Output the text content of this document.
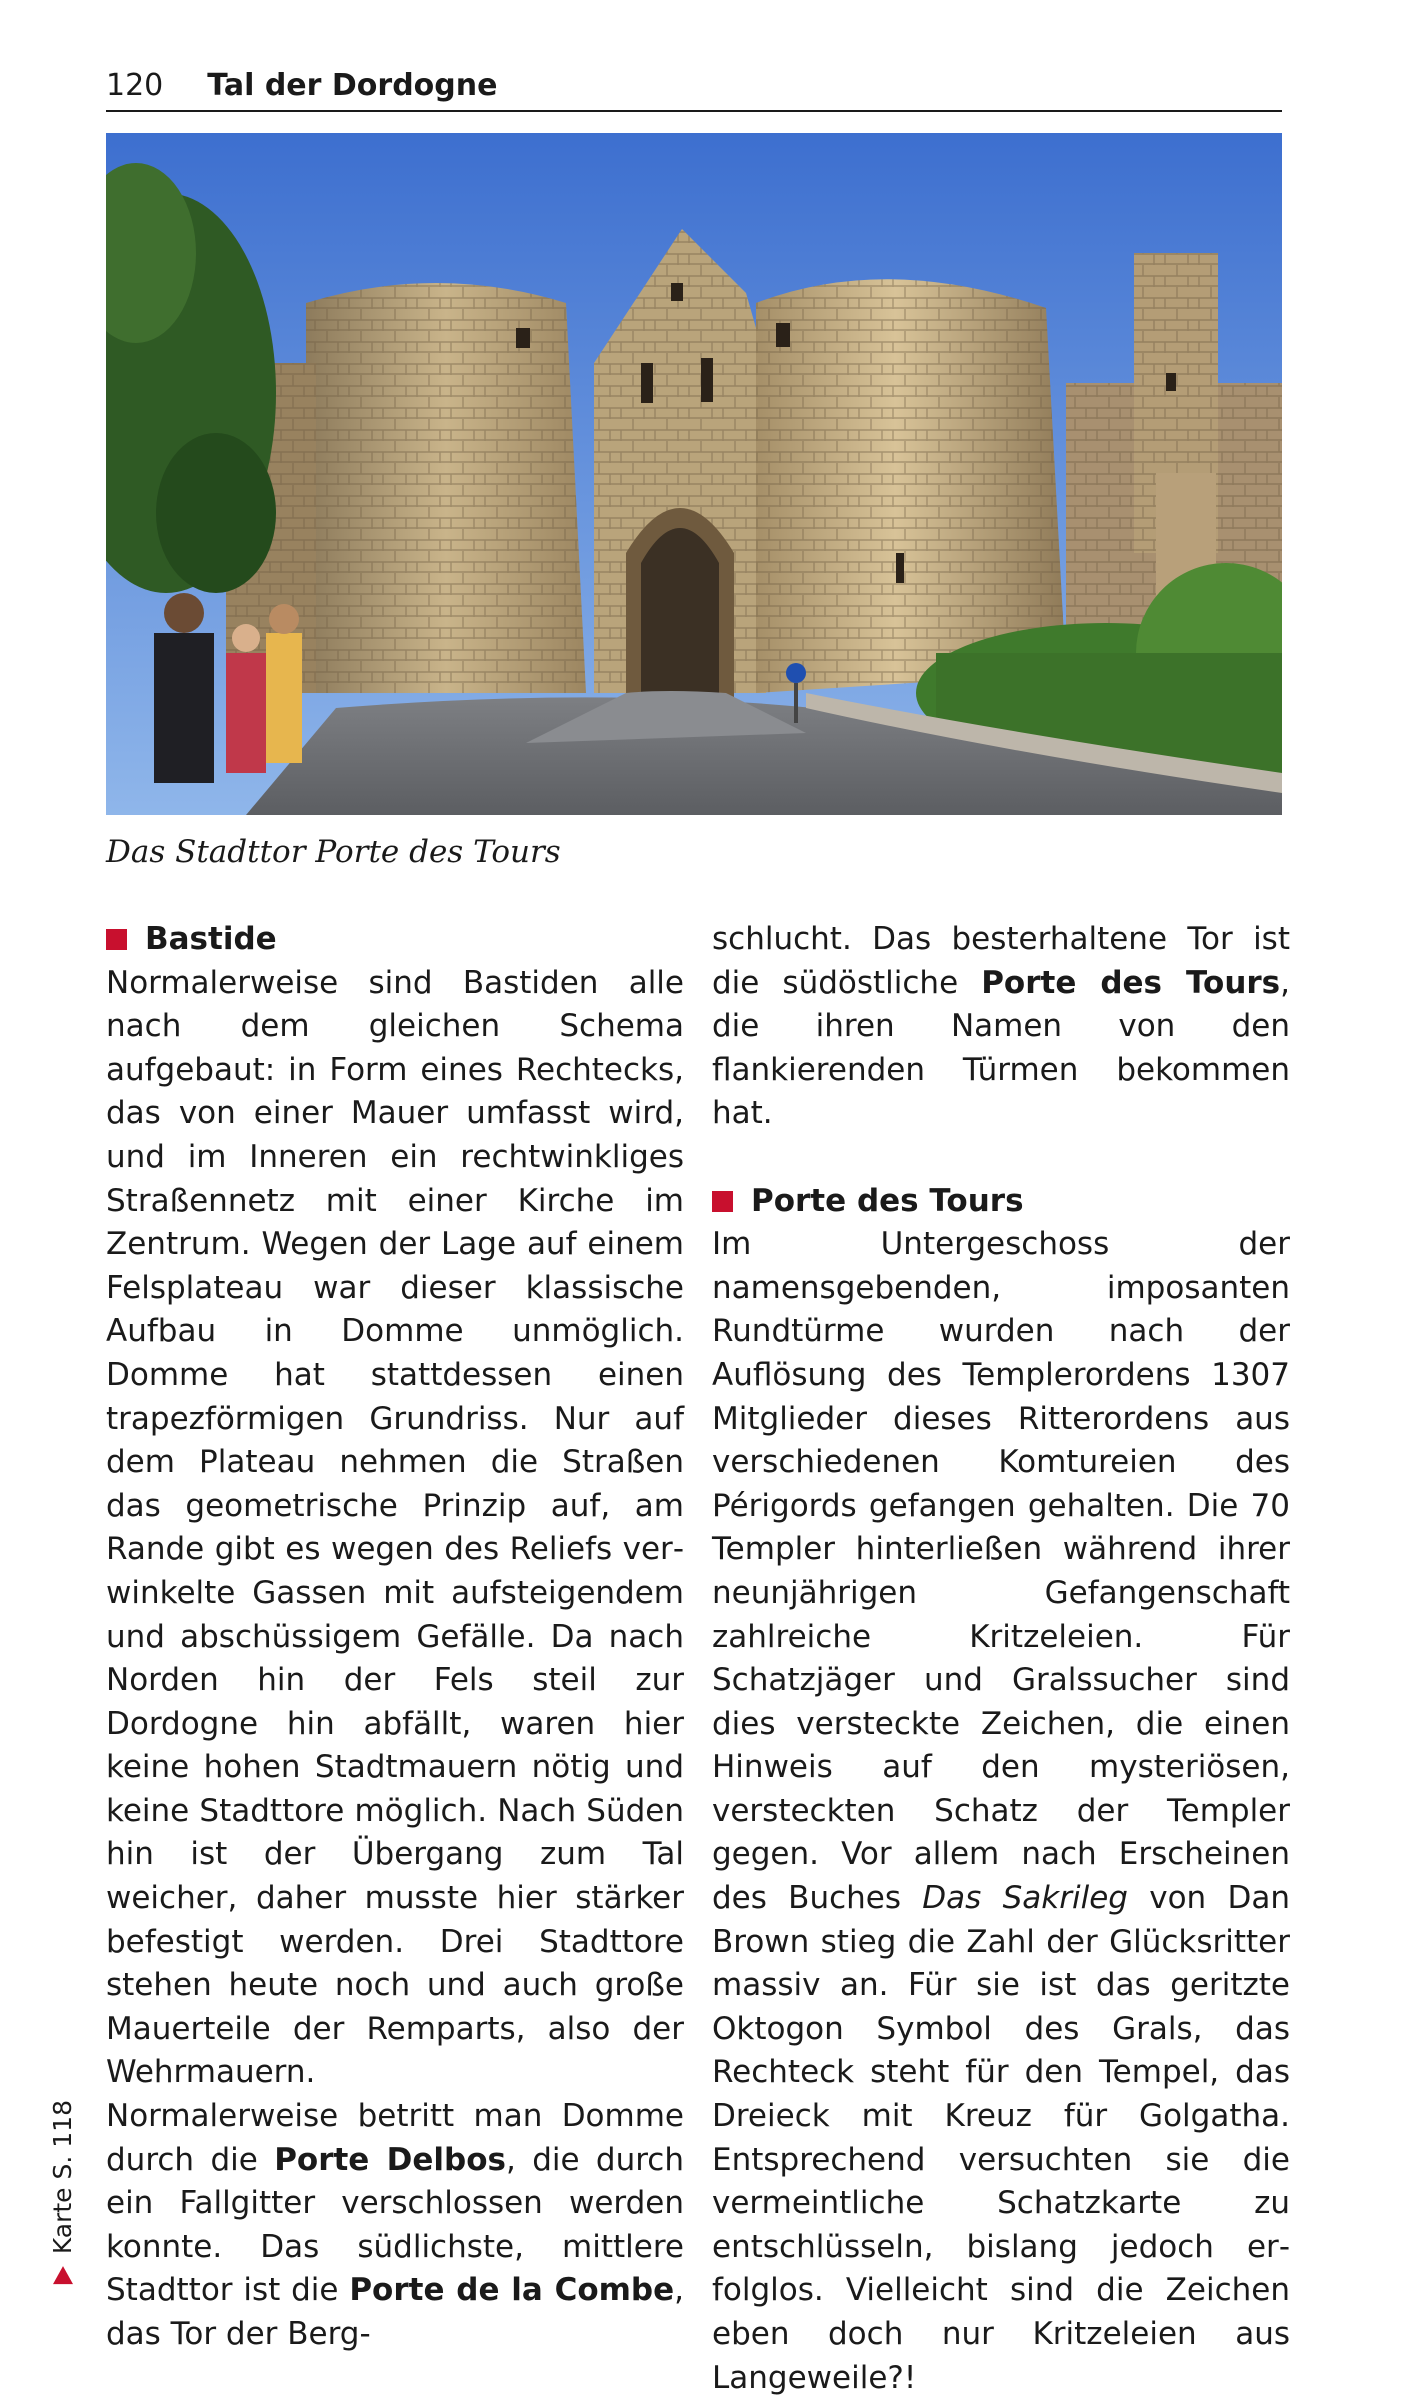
120 Tal der Dordogne
Das Stadttor Porte des Tours
Bastide

Normalerweise sind Bastiden alle nach dem gleichen Schema aufgebaut: in Form eines Rechtecks, das von einer Mauer umfasst wird, und im Inneren ein rechtwinkliges Straßennetz mit einer Kirche im Zentrum. Wegen der Lage auf einem Felsplateau war dieser klassische Aufbau in Domme unmöglich. Domme hat stattdessen einen trapezförmigen Grundriss. Nur auf dem Plateau nehmen die Straßen das geometrische Prinzip auf, am Rande gibt es wegen des Reliefs verwinkelte Gassen mit aufsteigendem und abschüssigem Gefälle. Da nach Norden hin der Fels steil zur Dordogne hin abfällt, waren hier keine hohen Stadtmauern nötig und keine Stadttore möglich. Nach Süden hin ist der Übergang zum Tal weicher, daher musste hier stärker befestigt werden. Drei Stadttore stehen heute noch und auch große Mauerteile der Remparts, also der Wehrmauern.

Normalerweise betritt man Domme durch die Porte Delbos, die durch ein Fallgitter verschlossen werden konnte. Das südlichste, mittlere Stadttor ist die Porte de la Combe, das Tor der Berg-

schlucht. Das besterhaltene Tor ist die südöstliche Porte des Tours, die ihren Namen von den flankierenden Türmen bekommen hat.

Porte des Tours

Im Untergeschoss der namensgebenden, imposanten Rundtürme wurden nach der Auflösung des Templerordens 1307 Mitglieder dieses Ritterordens aus verschiedenen Komtureien des Périgords gefangen gehalten. Die 70 Templer hinterließen während ihrer neunjährigen Gefangenschaft zahlreiche Kritzeleien. Für Schatzjäger und Gralssucher sind dies versteckte Zeichen, die einen Hinweis auf den mysteriösen, versteckten Schatz der Templer gegen. Vor allem nach Erscheinen des Buches Das Sakrileg von Dan Brown stieg die Zahl der Glücksritter massiv an. Für sie ist das geritzte Oktogon Symbol des Grals, das Rechteck steht für den Tempel, das Dreieck mit Kreuz für Golgatha. Entsprechend versuchten sie die vermeintliche Schatzkarte zu entschlüsseln, bislang jedoch erfolglos. Vielleicht sind die Zeichen eben doch nur Kritzeleien aus Langeweile?!

Karte S. 118
